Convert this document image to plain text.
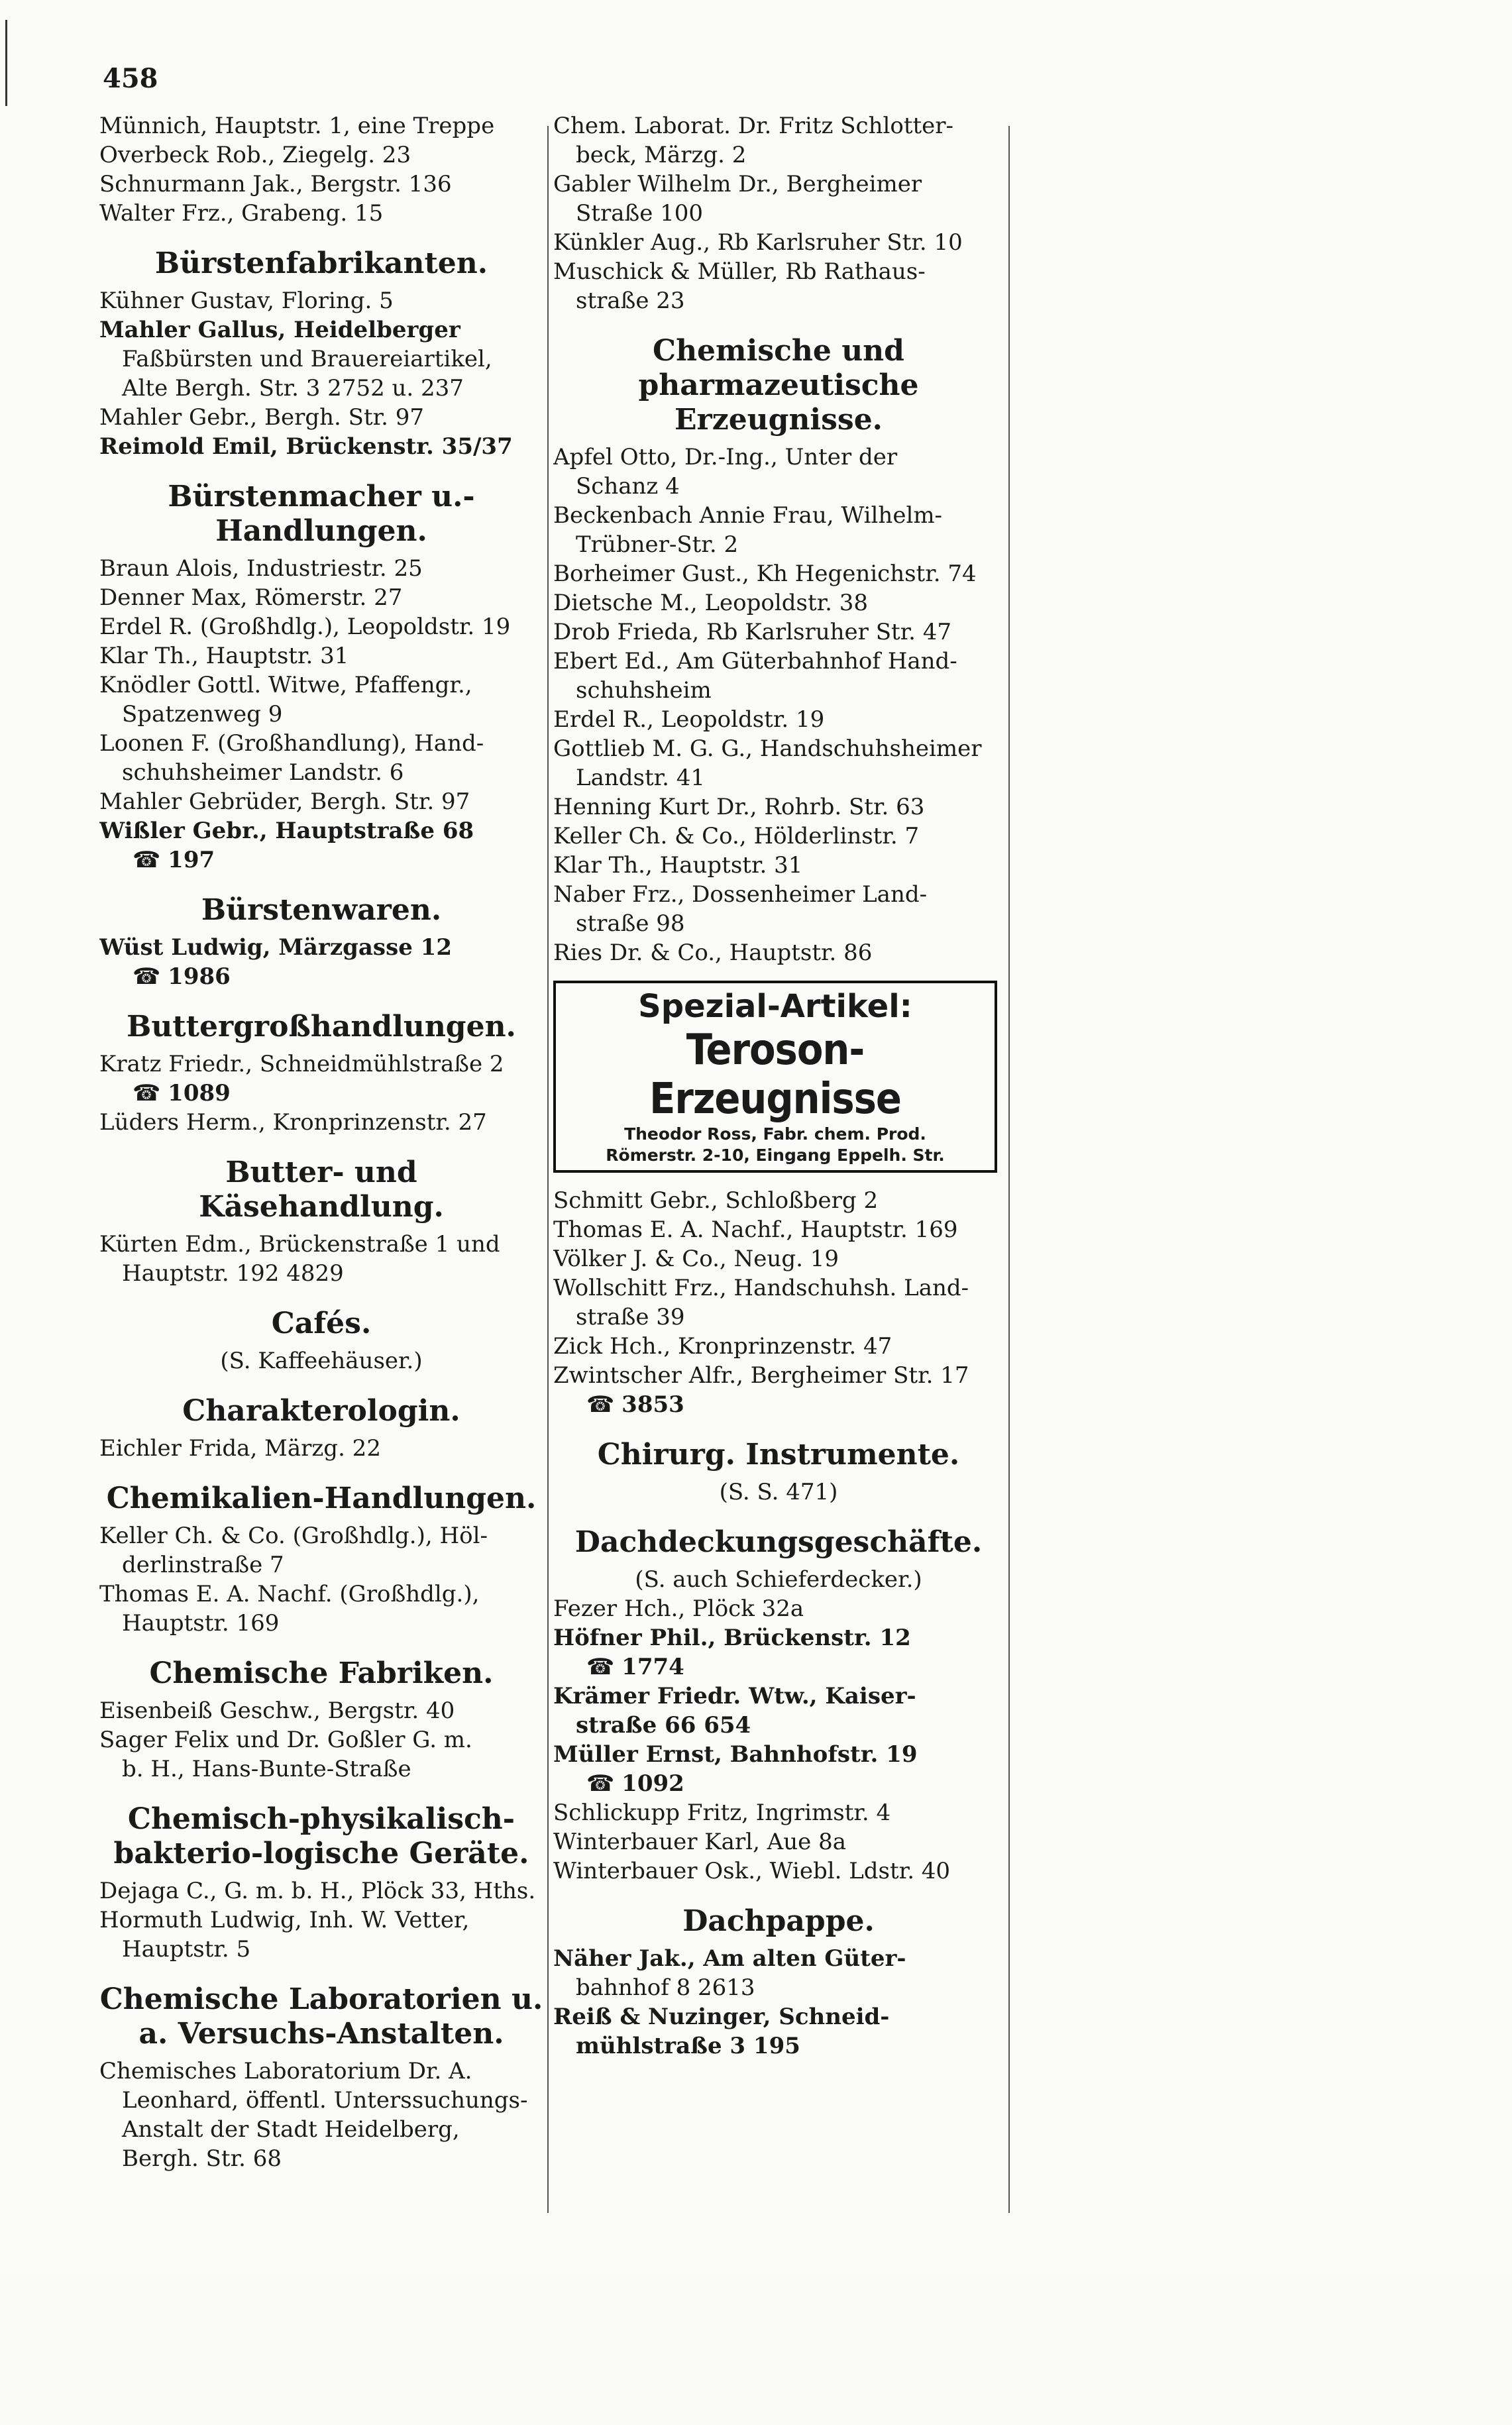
458
Münnich, Hauptstr. 1, eine Treppe
Overbeck Rob., Ziegelg. 23
Schnurmann Jak., Bergstr. 136
Walter Frz., Grabeng. 15
Bürstenfabrikanten.
Kühner Gustav, Floring. 5
Mahler Gallus, Heidelberger
Faßbürsten und Brauereiartikel,
Alte Bergh. Str. 3 2752 u. 237
Mahler Gebr., Bergh. Str. 97
Reimold Emil, Brückenstr. 35/37
Bürstenmacher u.-Handlungen.
Braun Alois, Industriestr. 25
Denner Max, Römerstr. 27
Erdel R. (Großhdlg.), Leopoldstr. 19
Klar Th., Hauptstr. 31
Knödler Gottl. Witwe, Pfaffengr.,
Spatzenweg 9
Loonen F. (Großhandlung), Hand-
schuhsheimer Landstr. 6
Mahler Gebrüder, Bergh. Str. 97
Wißler Gebr., Hauptstraße 68
☎ 197
Bürstenwaren.
Wüst Ludwig, Märzgasse 12
☎ 1986
Buttergroßhandlungen.
Kratz Friedr., Schneidmühlstraße 2
☎ 1089
Lüders Herm., Kronprinzenstr. 27
Butter- und Käsehandlung.
Kürten Edm., Brückenstraße 1 und
Hauptstr. 192 4829
Cafés.
(S. Kaffeehäuser.)
Charakterologin.
Eichler Frida, Märzg. 22
Chemikalien-Handlungen.
Keller Ch. & Co. (Großhdlg.), Höl-
derlinstraße 7
Thomas E. A. Nachf. (Großhdlg.),
Hauptstr. 169
Chemische Fabriken.
Eisenbeiß Geschw., Bergstr. 40
Sager Felix und Dr. Goßler G. m.
b. H., Hans-Bunte-Straße
Chemisch-physikalisch-bakterio-logische Geräte.
Dejaga C., G. m. b. H., Plöck 33, Hths.
Hormuth Ludwig, Inh. W. Vetter,
Hauptstr. 5
Chemische Laboratorien u. a. Versuchs-Anstalten.
Chemisches Laboratorium Dr. A.
Leonhard, öffentl. Unterssuchungs-
Anstalt der Stadt Heidelberg,
Bergh. Str. 68
Chem. Laborat. Dr. Fritz Schlotter-
beck, Märzg. 2
Gabler Wilhelm Dr., Bergheimer
Straße 100
Künkler Aug., Rb Karlsruher Str. 10
Muschick & Müller, Rb Rathaus-
straße 23
Chemische und pharmazeutische Erzeugnisse.
Apfel Otto, Dr.-Ing., Unter der
Schanz 4
Beckenbach Annie Frau, Wilhelm-
Trübner-Str. 2
Borheimer Gust., Kh Hegenichstr. 74
Dietsche M., Leopoldstr. 38
Drob Frieda, Rb Karlsruher Str. 47
Ebert Ed., Am Güterbahnhof Hand-
schuhsheim
Erdel R., Leopoldstr. 19
Gottlieb M. G. G., Handschuhsheimer
Landstr. 41
Henning Kurt Dr., Rohrb. Str. 63
Keller Ch. & Co., Hölderlinstr. 7
Klar Th., Hauptstr. 31
Naber Frz., Dossenheimer Land-
straße 98
Ries Dr. & Co., Hauptstr. 86
Spezial-Artikel:
Teroson-Erzeugnisse
Theodor Ross, Fabr. chem. Prod.
Römerstr. 2-10, Eingang Eppelh. Str.
Schmitt Gebr., Schloßberg 2
Thomas E. A. Nachf., Hauptstr. 169
Völker J. & Co., Neug. 19
Wollschitt Frz., Handschuhsh. Land-
straße 39
Zick Hch., Kronprinzenstr. 47
Zwintscher Alfr., Bergheimer Str. 17
☎ 3853
Chirurg. Instrumente.
(S. S. 471)
Dachdeckungsgeschäfte.
(S. auch Schieferdecker.)
Fezer Hch., Plöck 32a
Höfner Phil., Brückenstr. 12
☎ 1774
Krämer Friedr. Wtw., Kaiser-
straße 66 654
Müller Ernst, Bahnhofstr. 19
☎ 1092
Schlickupp Fritz, Ingrimstr. 4
Winterbauer Karl, Aue 8a
Winterbauer Osk., Wiebl. Ldstr. 40
Dachpappe.
Näher Jak., Am alten Güter-
bahnhof 8 2613
Reiß & Nuzinger, Schneid-
mühlstraße 3 195
